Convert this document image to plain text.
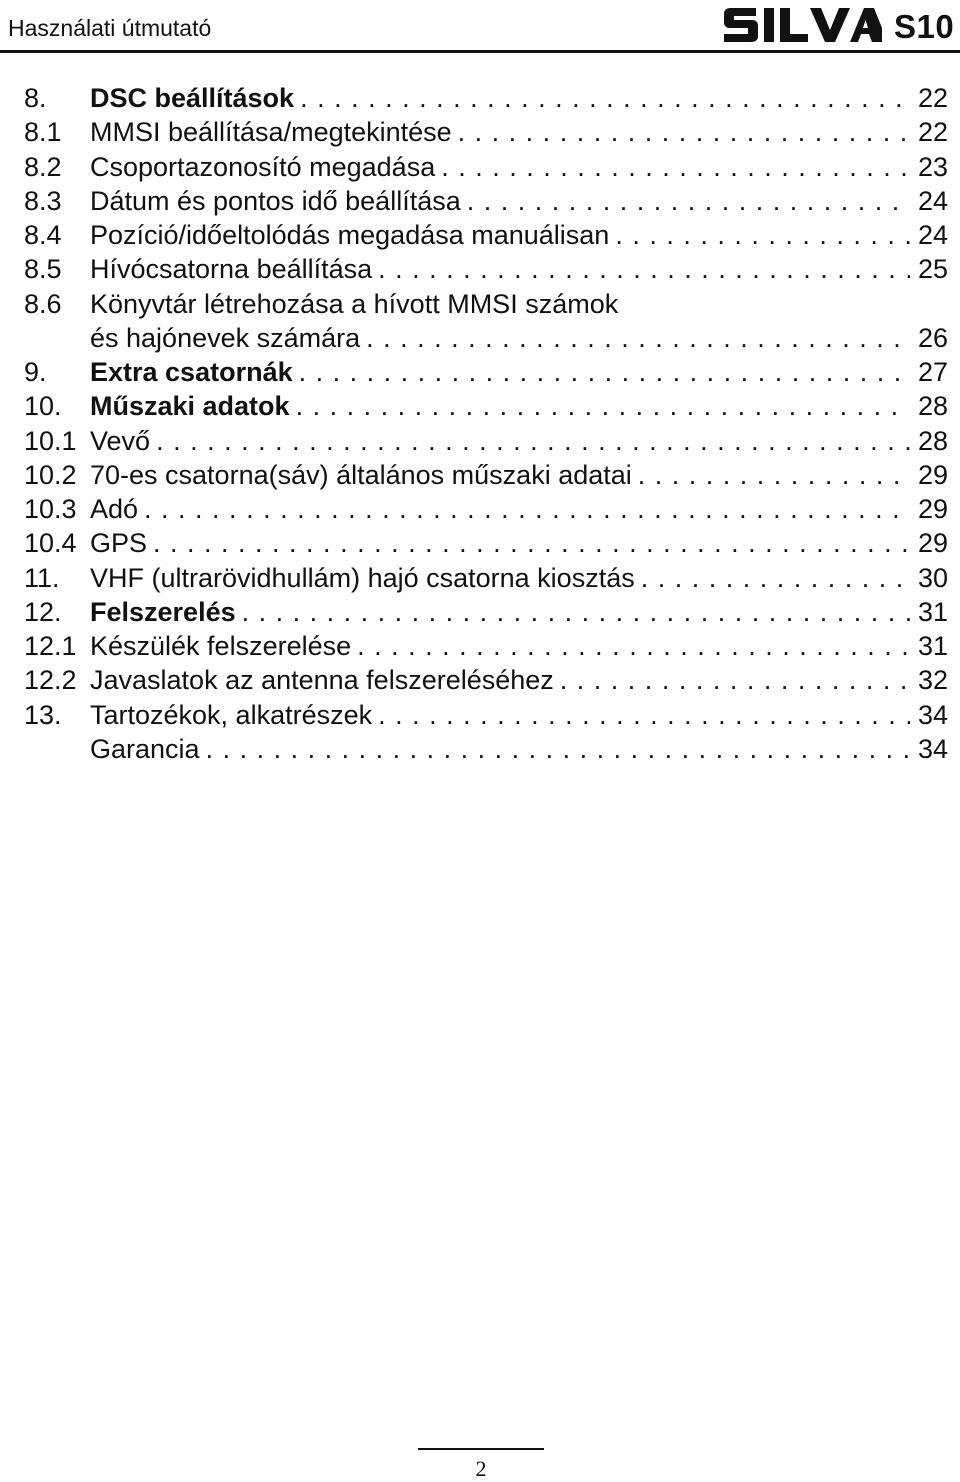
Használati útmutató	S10
8. DSC beállítások . . .	22
8.1 MMSI beállítása/megtekintése . . .	22
8.2 Csoportazonosító megadása . . .	23
8.3 Dátum és pontos idő beállítása . . .	24
8.4 Pozíció/időeltolódás megadása manuálisan . . .	24
8.5 Hívócsatorna beállítása . . .	25
8.6 Könyvtár létrehozása a hívott MMSI számok
és hajónevek számára . . .	26
9. Extra csatornák . . .	27
10. Műszaki adatok . . .	28
10.1 Vevő . . .	28
10.2 70-es csatorna(sáv) általános műszaki adatai . . .	29
10.3 Adó . . .	29
10.4 GPS . . .	29
11. VHF (ultrarövidhullám) hajó csatorna kiosztás . . .	30
12. Felszerelés . . .	31
12.1 Készülék felszerelése . . .	31
12.2 Javaslatok az antenna felszereléséhez . . .	32
13. Tartozékok, alkatrészek . . .	34
Garancia . . .	34
2
